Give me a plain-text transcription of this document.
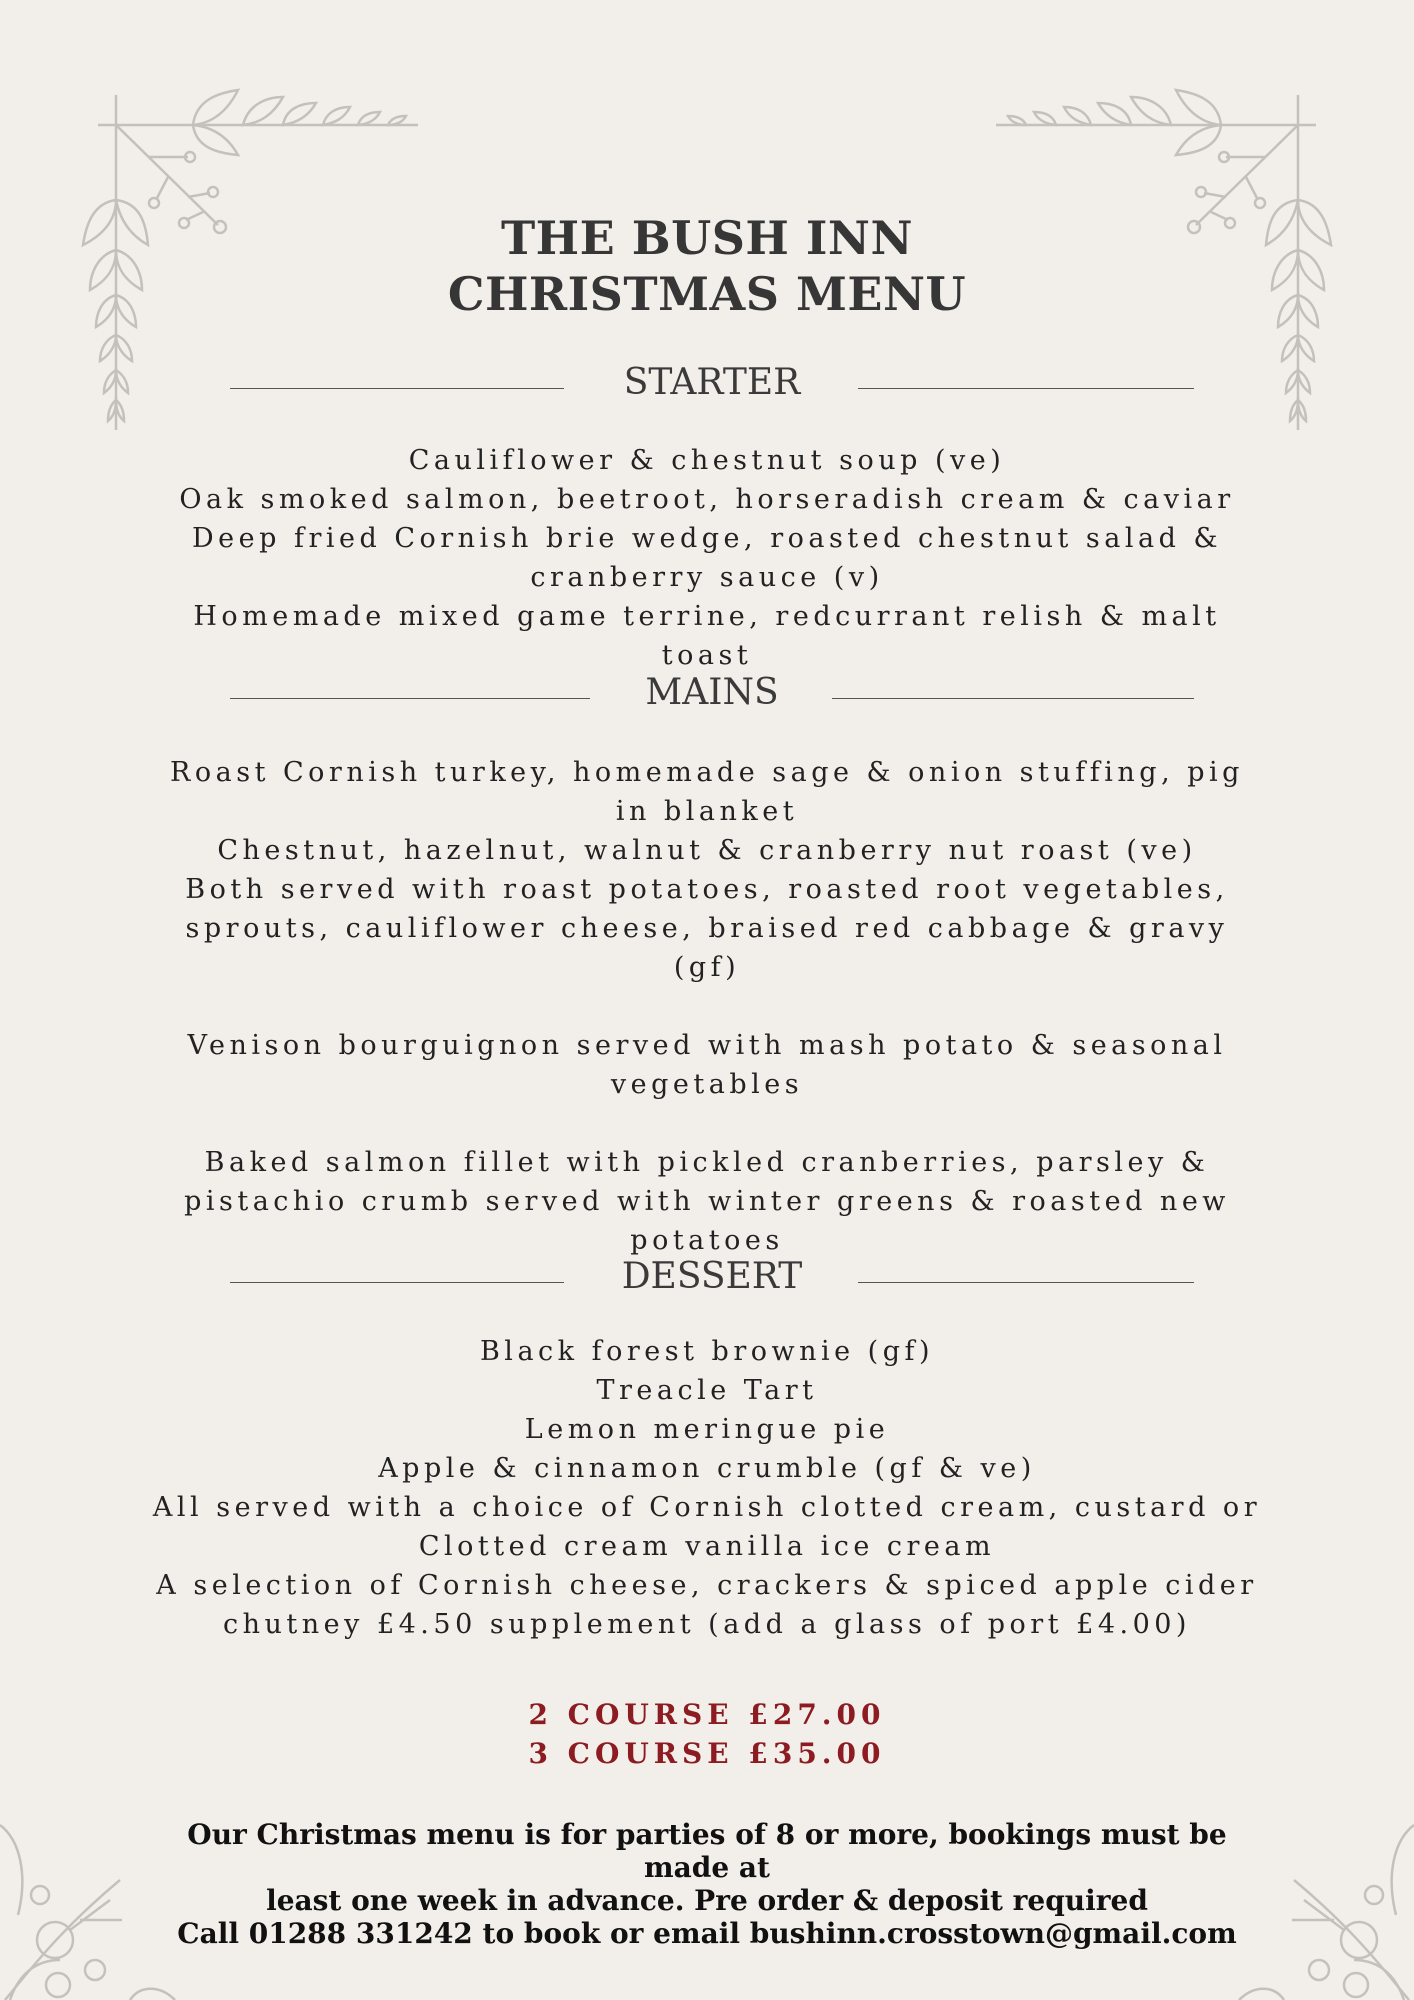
THE BUSH INN
CHRISTMAS MENU
STARTER
Cauliflower & chestnut soup (ve)
Oak smoked salmon, beetroot, horseradish cream & caviar
Deep fried Cornish brie wedge, roasted chestnut salad &
cranberry sauce (v)
Homemade mixed game terrine, redcurrant relish & malt toast
MAINS
Roast Cornish turkey, homemade sage & onion stuffing, pig
in blanket
Chestnut, hazelnut, walnut & cranberry nut roast (ve)
Both served with roast potatoes, roasted root vegetables,
sprouts, cauliflower cheese, braised red cabbage & gravy (gf)
Venison bourguignon served with mash potato & seasonal
vegetables
Baked salmon fillet with pickled cranberries, parsley &
pistachio crumb served with winter greens & roasted new
potatoes
DESSERT
Black forest brownie (gf)
Treacle Tart
Lemon meringue pie
Apple & cinnamon crumble (gf & ve)
All served with a choice of Cornish clotted cream, custard or
Clotted cream vanilla ice cream
A selection of Cornish cheese, crackers & spiced apple cider
chutney £4.50 supplement (add a glass of port £4.00)
2 COURSE £27.00
3 COURSE £35.00
Our Christmas menu is for parties of 8 or more, bookings must be made at
least one week in advance. Pre order & deposit required
Call 01288 331242 to book or email bushinn.crosstown@gmail.com
